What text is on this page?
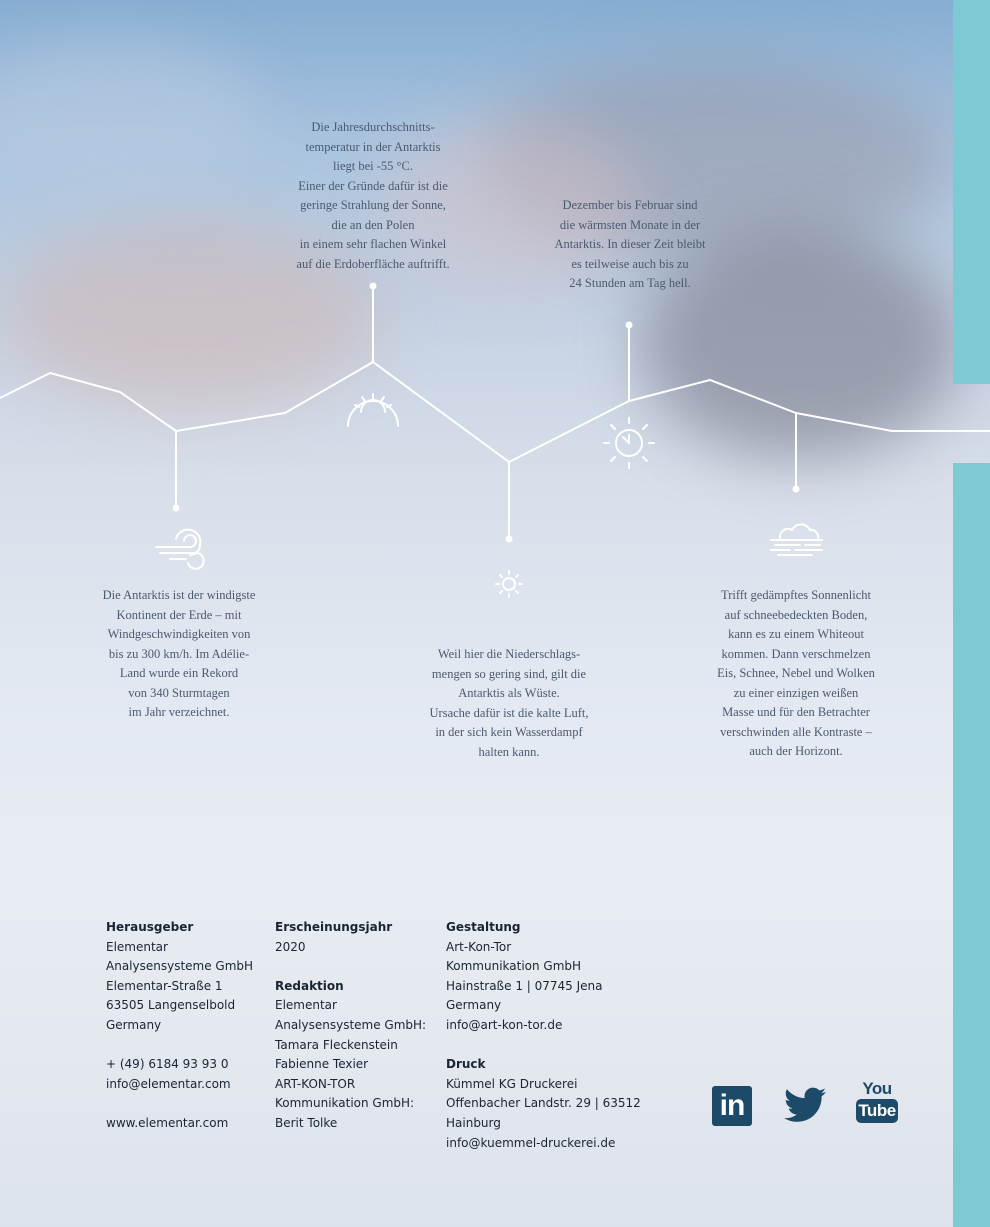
Die Jahresdurchschnitts-
temperatur in der Antarktis
liegt bei -55 °C.
Einer der Gründe dafür ist die
geringe Strahlung der Sonne,
die an den Polen
in einem sehr flachen Winkel
auf die Erdoberfläche auftrifft.
Dezember bis Februar sind
die wärmsten Monate in der
Antarktis. In dieser Zeit bleibt
es teilweise auch bis zu
24 Stunden am Tag hell.
Die Antarktis ist der windigste
Kontinent der Erde – mit
Windgeschwindigkeiten von
bis zu 300 km/h. Im Adélie-
Land wurde ein Rekord
von 340 Sturmtagen
im Jahr verzeichnet.
Weil hier die Niederschlags-
mengen so gering sind, gilt die
Antarktis als Wüste.
Ursache dafür ist die kalte Luft,
in der sich kein Wasserdampf
halten kann.
Trifft gedämpftes Sonnenlicht
auf schneebedeckten Boden,
kann es zu einem Whiteout
kommen. Dann verschmelzen
Eis, Schnee, Nebel und Wolken
zu einer einzigen weißen
Masse und für den Betrachter
verschwinden alle Kontraste –
auch der Horizont.
Herausgeber
Elementar
Analysensysteme GmbH
Elementar-Straße 1
63505 Langenselbold
Germany
+ (49) 6184 93 93 0
info@elementar.com
www.elementar.com
Erscheinungsjahr
2020
Redaktion
Elementar
Analysensysteme GmbH:
Tamara Fleckenstein
Fabienne Texier
ART-KON-TOR
Kommunikation GmbH:
Berit Tolke
Gestaltung
Art-Kon-Tor
Kommunikation GmbH
Hainstraße 1 | 07745 Jena
Germany
info@art-kon-tor.de
Druck
Kümmel KG Druckerei
Offenbacher Landstr. 29 | 63512 Hainburg
info@kuemmel-druckerei.de
in
You
Tube
